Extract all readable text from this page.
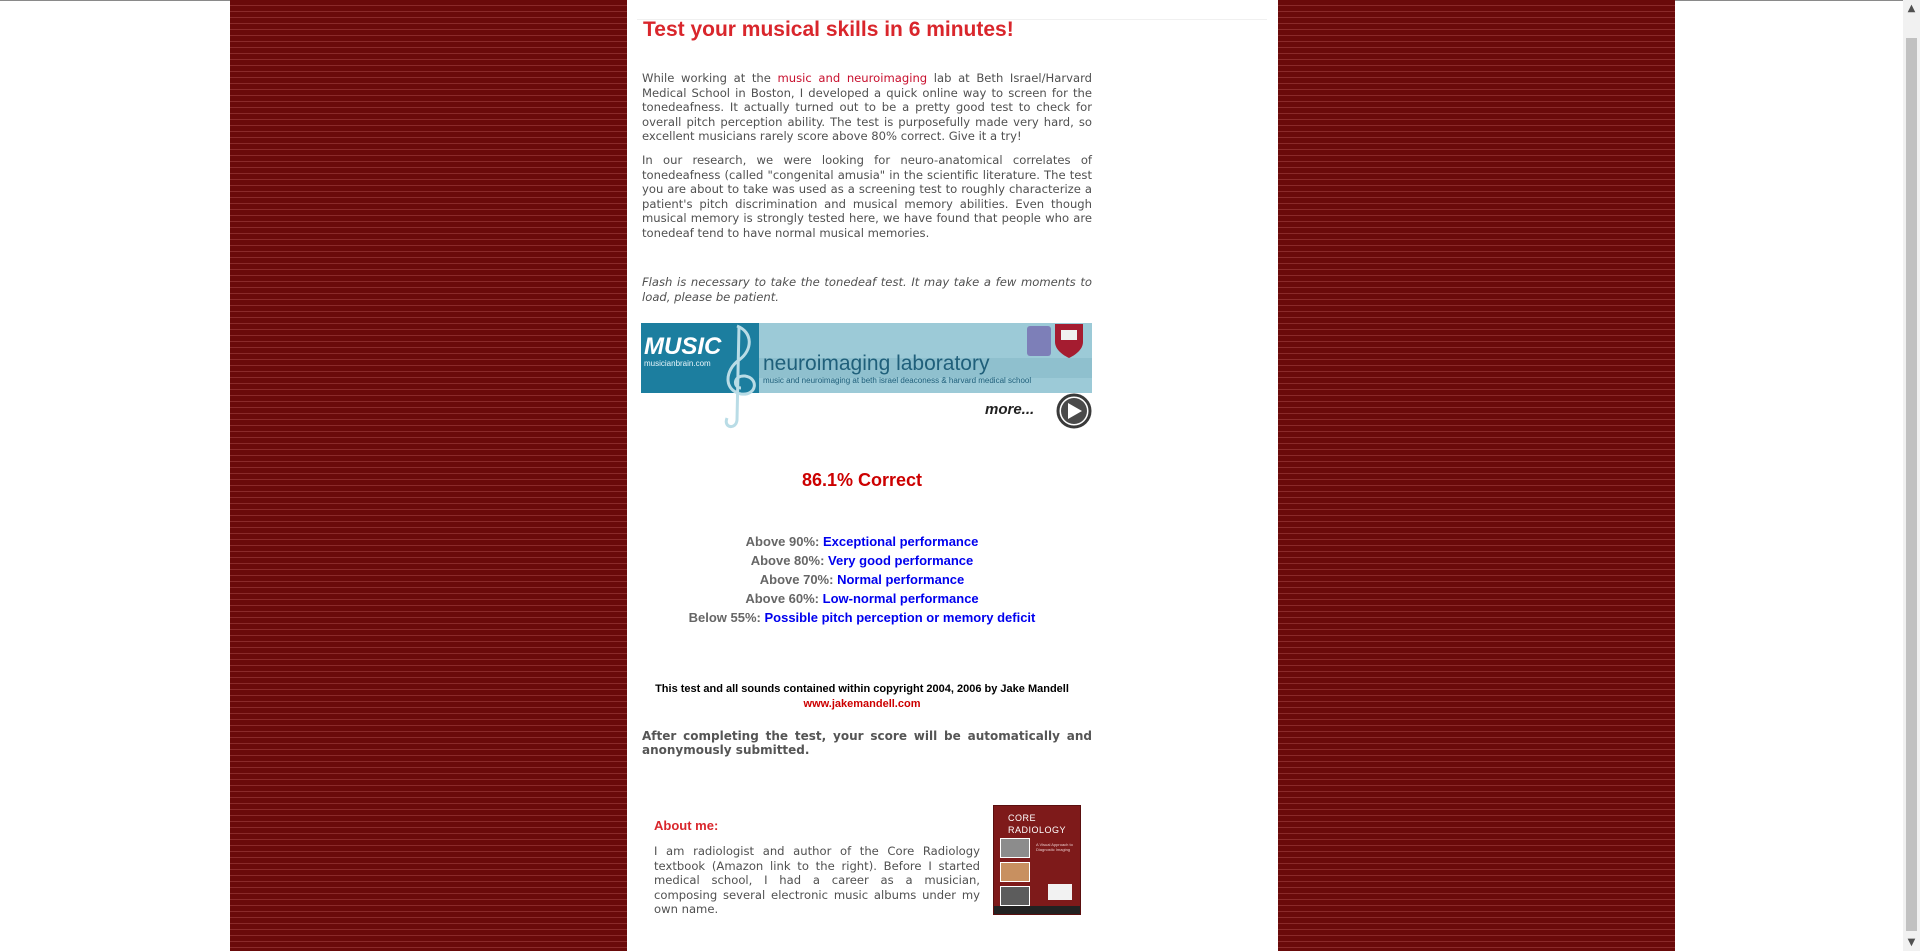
Test your musical skills in 6 minutes!

While working at the music and neuroimaging lab at Beth Israel/Harvard Medical School in Boston, I developed a quick online way to screen for the tonedeafness. It actually turned out to be a pretty good test to check for overall pitch perception ability. The test is purposefully made very hard, so excellent musicians rarely score above 80% correct. Give it a try!

In our research, we were looking for neuro-anatomical correlates of tonedeafness (called "congenital amusia" in the scientific literature. The test you are about to take was used as a screening test to roughly characterize a patient's pitch discrimination and musical memory abilities. Even though musical memory is strongly tested here, we have found that people who are tonedeaf tend to have normal musical memories.

Flash is necessary to take the tonedeaf test. It may take a few moments to load, please be patient.

MUSIC
musicianbrain.com neuroimaging laboratory
music and neuroimaging at beth israel deaconess & harvard medical school
more...
86.1% Correct
Above 90%: Exceptional performance
Above 80%: Very good performance
Above 70%: Normal performance
Above 60%: Low-normal performance
Below 55%: Possible pitch perception or memory deficit
This test and all sounds contained within copyright 2004, 2006 by Jake Mandell
www.jakemandell.com

After completing the test, your score will be automatically and anonymously submitted.

About me:

I am radiologist and author of the Core Radiology textbook (Amazon link to the right). Before I started medical school, I had a career as a musician, composing several electronic music albums under my own name.

CORE
RADIOLOGY
A Visual Approach to Diagnostic Imaging
▲
▼
